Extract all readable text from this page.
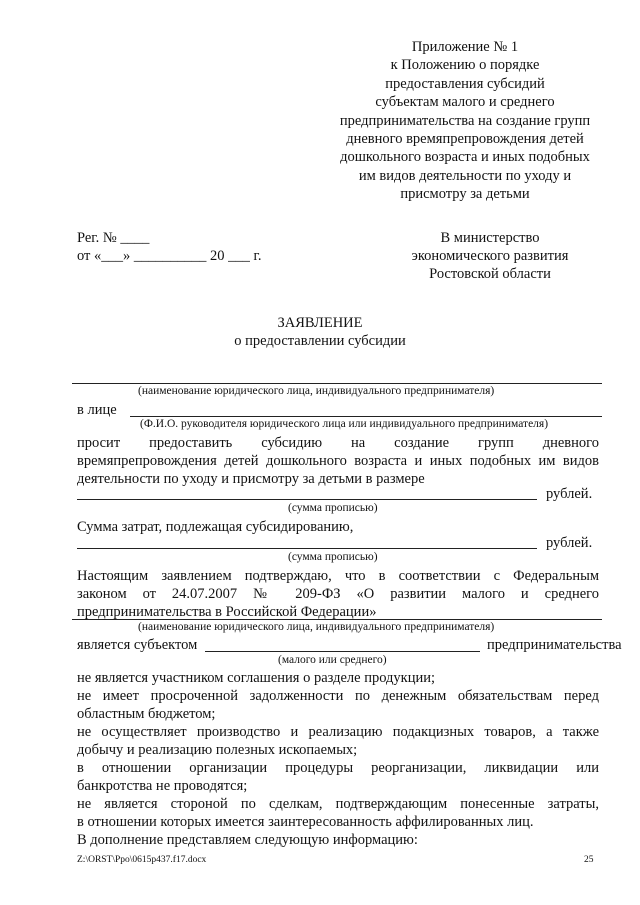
Приложение № 1
к Положению о порядке
предоставления субсидий
субъектам малого и среднего
предпринимательства на создание групп
дневного времяпрепровождения детей
дошкольного возраста и иных подобных
им видов деятельности по уходу и
присмотру за детьми
Рег. № ____
от «___» __________ 20 ___ г.
В министерство
экономического развития
Ростовской области
ЗАЯВЛЕНИЕ
о предоставлении субсидии
(наименование юридического лица, индивидуального предпринимателя)
в лице
(Ф.И.О. руководителя юридического лица или индивидуального предпринимателя)
просит предоставить субсидию на создание групп дневного
времяпрепровождения детей дошкольного возраста и иных подобных им видов
деятельности по уходу и присмотру за детьми в размере
рублей.
(сумма прописью)
Сумма затрат, подлежащая субсидированию,
рублей.
(сумма прописью)
Настоящим заявлением подтверждаю, что в соответствии с Федеральным
законом от 24.07.2007 № 209-ФЗ «О развитии малого и среднего
предпринимательства в Российской Федерации»
(наименование юридического лица, индивидуального предпринимателя)
является субъектом	предпринимательства
(малого или среднего)
не является участником соглашения о разделе продукции;
не имеет просроченной задолженности по денежным обязательствам перед
областным бюджетом;
не осуществляет производство и реализацию подакцизных товаров, а также
добычу и реализацию полезных ископаемых;
в отношении организации процедуры реорганизации, ликвидации или
банкротства не проводятся;
не является стороной по сделкам, подтверждающим понесенные затраты,
в отношении которых имеется заинтересованность аффилированных лиц.
В дополнение представляем следующую информацию:
Z:\ORST\Ppo\0615p437.f17.docx	25
